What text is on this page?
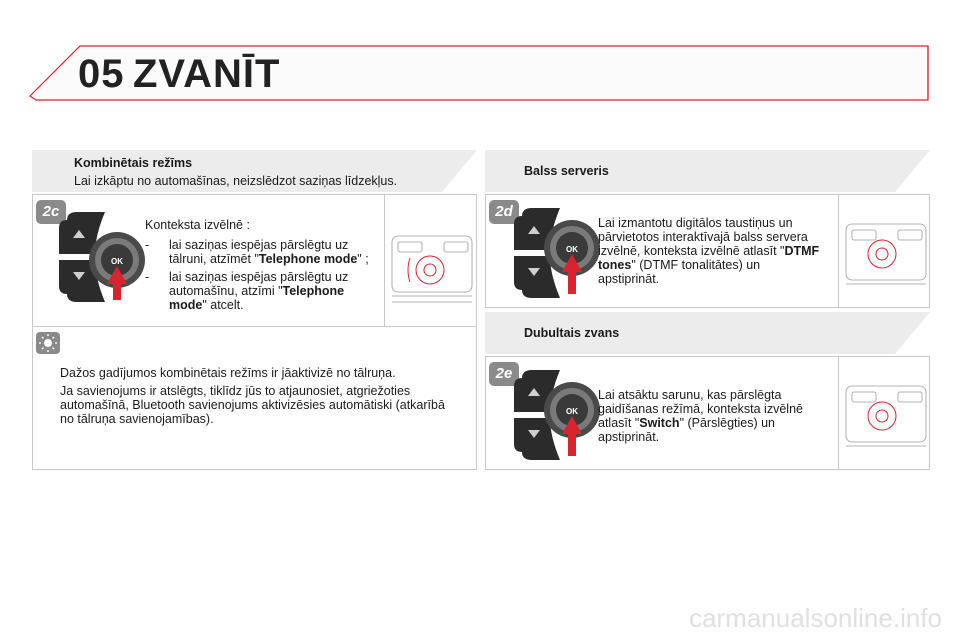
05 ZVANĪT
Kombinētais režīms
Lai izkāptu no automašīnas, neizslēdzot saziņas līdzekļus.
2c
OK
Konteksta izvēlnē :
- lai saziņas iespējas pārslēgtu uz tālruni, atzīmēt "Telephone mode" ;
- lai saziņas iespējas pārslēgtu uz automašīnu, atzīmi "Telephone mode" atcelt.
Dažos gadījumos kombinētais režīms ir jāaktivizē no tālruņa.
Ja savienojums ir atslēgts, tiklīdz jūs to atjaunosiet, atgriežoties automašīnā, Bluetooth savienojums aktivizēsies automātiski (atkarībā no tālruņa savienojamības).
Balss serveris
2d
OK
Lai izmantotu digitālos taustiņus un pārvietotos interaktīvajā balss servera izvēlnē, konteksta izvēlnē atlasīt "DTMF tones" (DTMF tonalitātes) un apstiprināt.
Dubultais zvans
2e
OK
Lai atsāktu sarunu, kas pārslēgta gaidīšanas režīmā, konteksta izvēlnē atlasīt "Switch" (Pārslēgties) un apstiprināt.
carmanualsonline.info
